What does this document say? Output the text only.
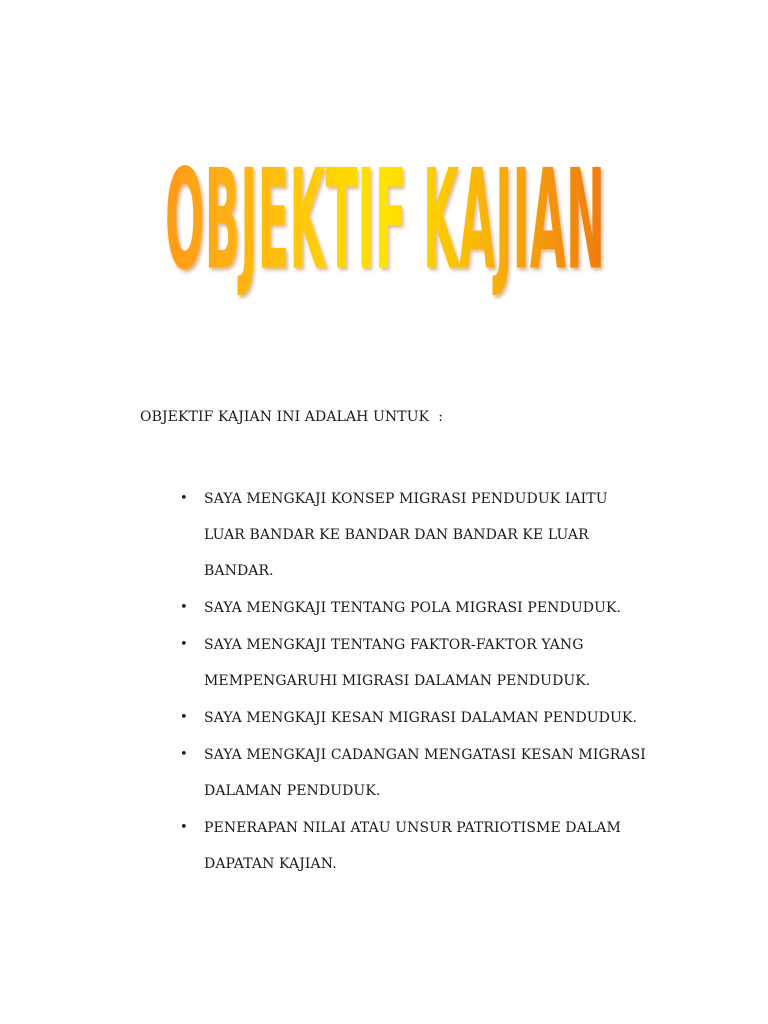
OBJEKTIF KAJIAN
OBJEKTIF KAJIAN INI ADALAH UNTUK  :
• SAYA MENGKAJI KONSEP MIGRASI PENDUDUK IAITU LUAR BANDAR KE BANDAR DAN BANDAR KE LUAR BANDAR.
• SAYA MENGKAJI TENTANG POLA MIGRASI PENDUDUK.
• SAYA MENGKAJI TENTANG FAKTOR-FAKTOR YANG MEMPENGARUHI MIGRASI DALAMAN PENDUDUK.
• SAYA MENGKAJI KESAN MIGRASI DALAMAN PENDUDUK.
• SAYA MENGKAJI CADANGAN MENGATASI KESAN MIGRASI DALAMAN PENDUDUK.
• PENERAPAN NILAI ATAU UNSUR PATRIOTISME DALAM DAPATAN KAJIAN.
